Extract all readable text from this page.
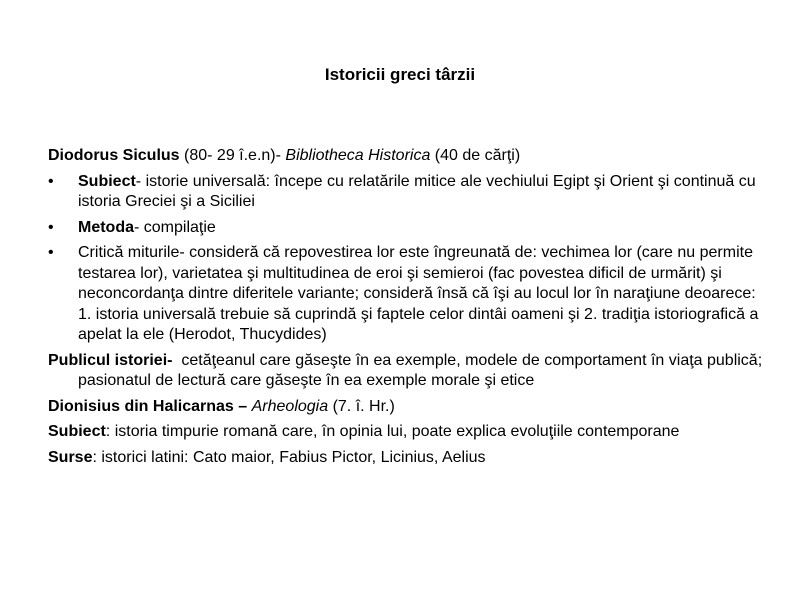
Istoricii greci târzii

Diodorus Siculus (80- 29 î.e.n)- Bibliotheca Historica (40 de cărţi)

• Subiect- istorie universală: începe cu relatările mitice ale vechiului Egipt şi Orient şi continuă cu istoria Greciei şi a Siciliei
• Metoda- compilaţie
• Critică miturile- consideră că repovestirea lor este îngreunată de: vechimea lor (care nu permite testarea lor), varietatea şi multitudinea de eroi şi semieroi (fac povestea dificil de urmărit) şi neconcordanţa dintre diferitele variante; consideră însă că îşi au locul lor în naraţiune deoarece: 1. istoria universală trebuie să cuprindă şi faptele celor dintâi oameni şi 2. tradiţia istoriografică a apelat la ele (Herodot, Thucydides)

Publicul istoriei-  cetăţeanul care găseşte în ea exemple, modele de comportament în viaţa publică; pasionatul de lectură care găseşte în ea exemple morale şi etice

Dionisius din Halicarnas – Arheologia (7. î. Hr.)

Subiect: istoria timpurie romană care, în opinia lui, poate explica evoluţiile contemporane

Surse: istorici latini: Cato maior, Fabius Pictor, Licinius, Aelius
